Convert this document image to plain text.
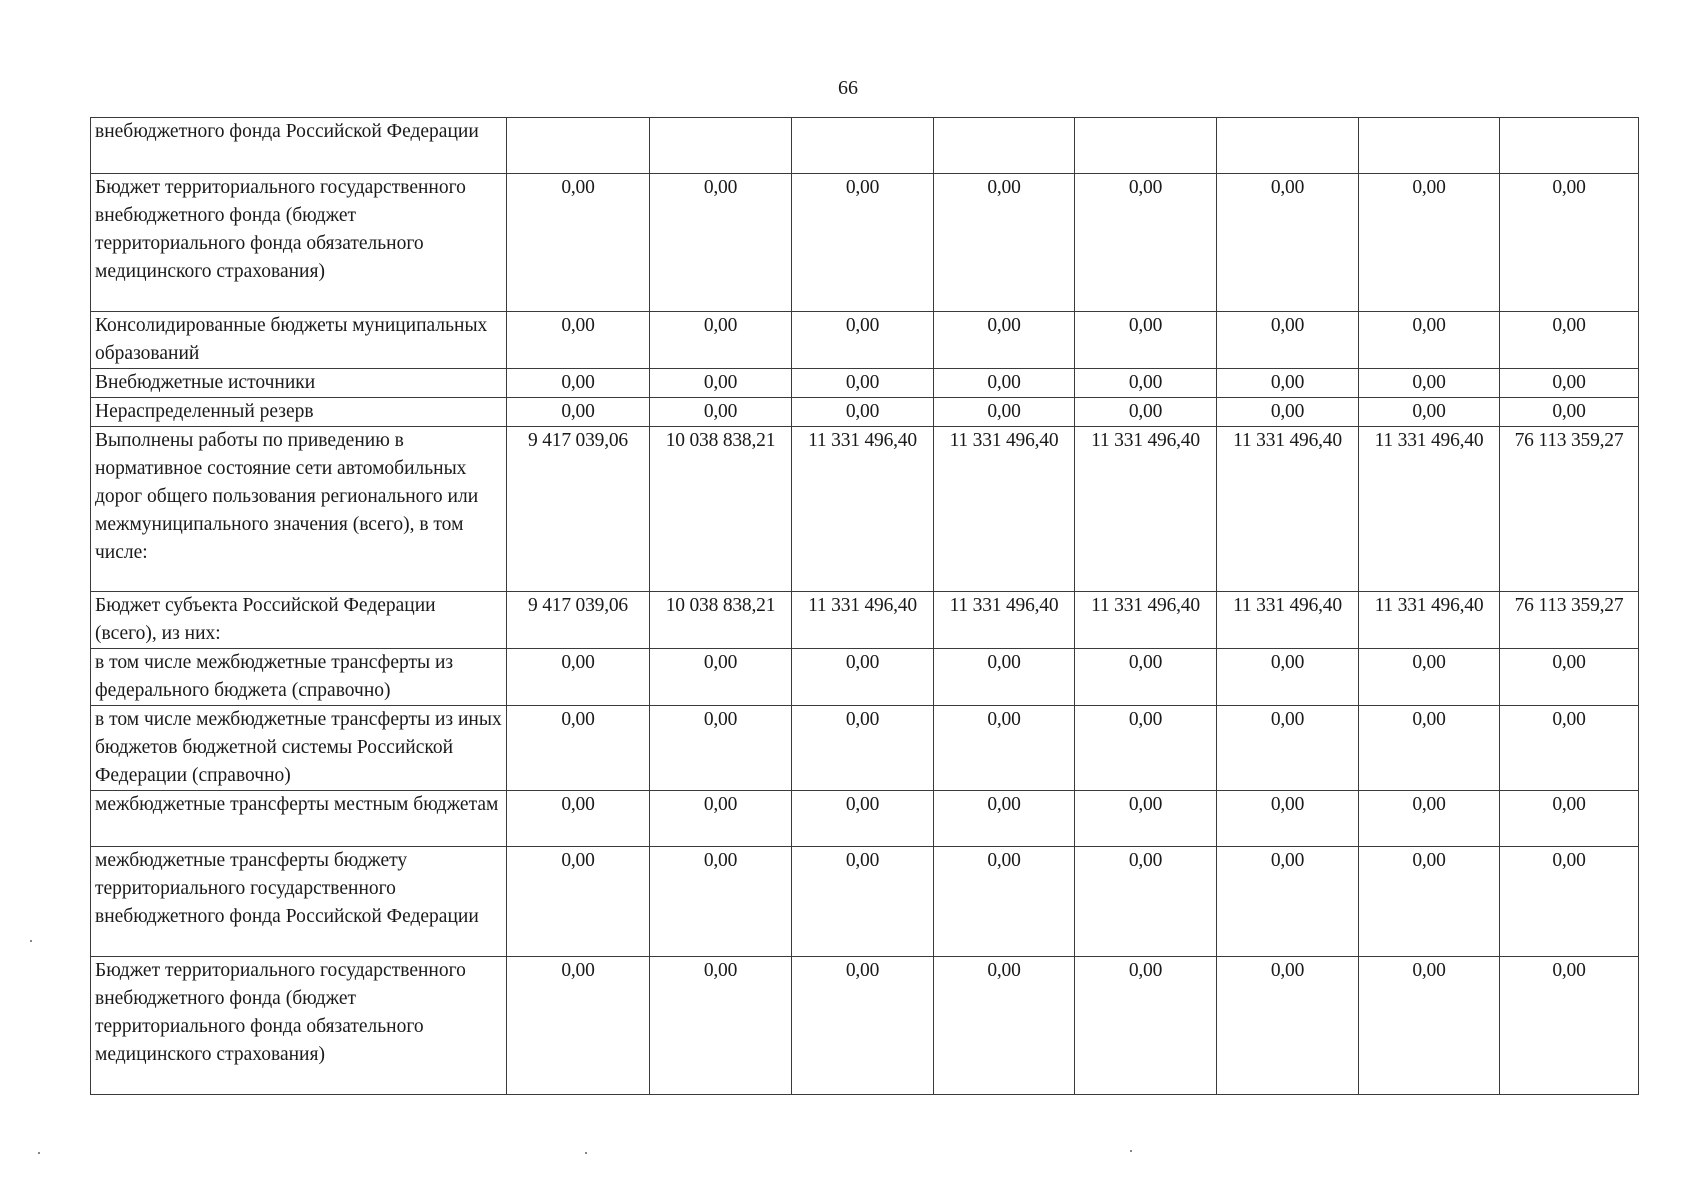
66
внебюджетного фонда Российской Федерации								
Бюджет территориального государственного внебюджетного фонда (бюджет территориального фонда обязательного медицинского страхования)	0,00	0,00	0,00	0,00	0,00	0,00	0,00	0,00
Консолидированные бюджеты муниципальных образований	0,00	0,00	0,00	0,00	0,00	0,00	0,00	0,00
Внебюджетные источники	0,00	0,00	0,00	0,00	0,00	0,00	0,00	0,00
Нераспределенный резерв	0,00	0,00	0,00	0,00	0,00	0,00	0,00	0,00
Выполнены работы по приведению в нормативное состояние сети автомобильных дорог общего пользования регионального или межмуниципального значения (всего), в том числе:	9 417 039,06	10 038 838,21	11 331 496,40	11 331 496,40	11 331 496,40	11 331 496,40	11 331 496,40	76 113 359,27
Бюджет субъекта Российской Федерации (всего), из них:	9 417 039,06	10 038 838,21	11 331 496,40	11 331 496,40	11 331 496,40	11 331 496,40	11 331 496,40	76 113 359,27
в том числе межбюджетные трансферты из федерального бюджета (справочно)	0,00	0,00	0,00	0,00	0,00	0,00	0,00	0,00
в том числе межбюджетные трансферты из иных бюджетов бюджетной системы Российской Федерации (справочно)	0,00	0,00	0,00	0,00	0,00	0,00	0,00	0,00
межбюджетные трансферты местным бюджетам	0,00	0,00	0,00	0,00	0,00	0,00	0,00	0,00
межбюджетные трансферты бюджету территориального государственного внебюджетного фонда Российской Федерации	0,00	0,00	0,00	0,00	0,00	0,00	0,00	0,00
Бюджет территориального государственного внебюджетного фонда (бюджет территориального фонда обязательного медицинского страхования)	0,00	0,00	0,00	0,00	0,00	0,00	0,00	0,00
